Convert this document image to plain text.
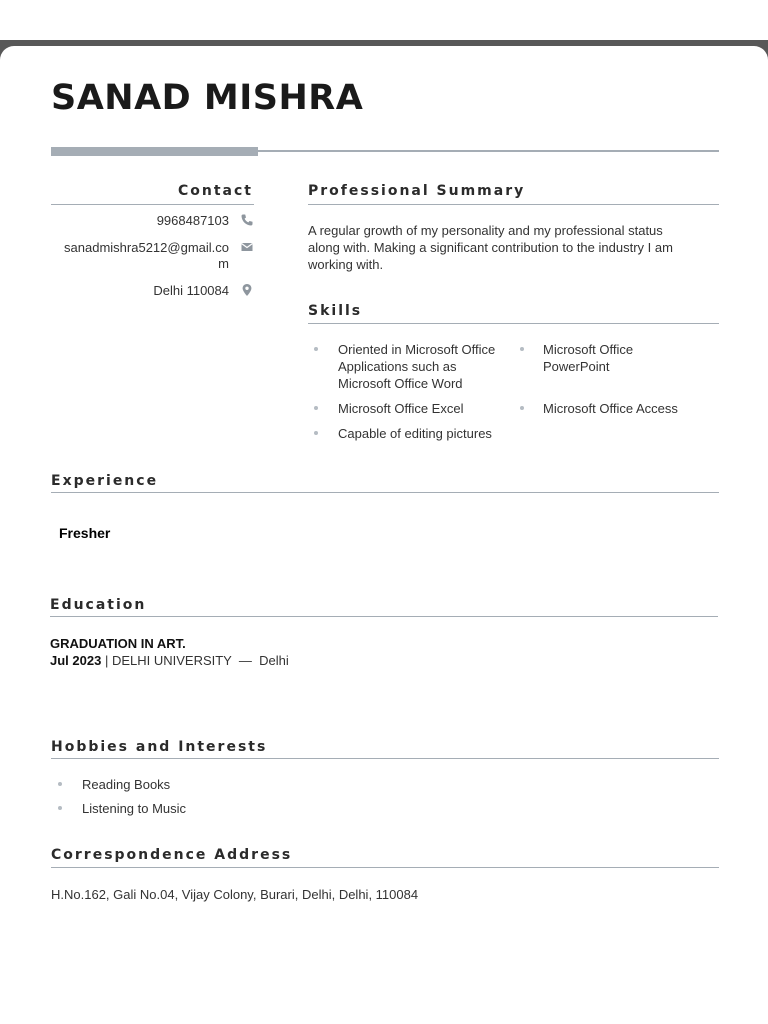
SANAD MISHRA
Contact
9968487103
sanadmishra5212@gmail.co
m
Delhi 110084
Professional Summary
A regular growth of my personality and my professional status
along with. Making a significant contribution to the industry I am
working with.
Skills
Oriented in Microsoft Office
Applications such as
Microsoft Office Word
Microsoft Office
PowerPoint
Microsoft Office Excel	Microsoft Office Access
Capable of editing pictures
Experience
Fresher
Education
GRADUATION IN ART.
Jul 2023 | DELHI UNIVERSITY  —  Delhi
Hobbies and Interests
Reading Books
Listening to Music
Correspondence Address
H.No.162, Gali No.04, Vijay Colony, Burari, Delhi, Delhi, 110084
